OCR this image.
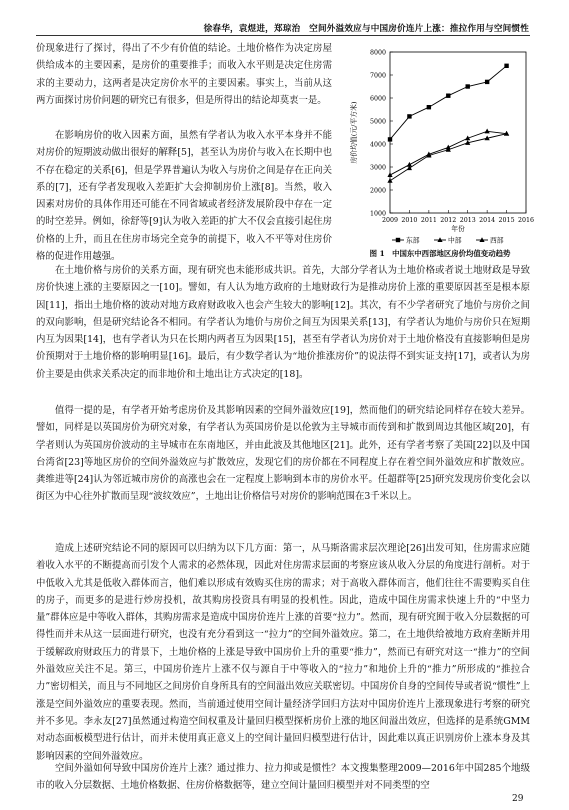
徐春华，袁煜进，郑琼治　空间外溢效应与中国房价连片上涨：推拉作用与空间惯性

价现象进行了探讨，得出了不少有价值的结论。土地价格作为决定房屋供给成本的主要因素，是房价的重要推手；而收入水平则是决定住房需求的主要动力，这两者是决定房价水平的主要因素。事实上，当前从这两方面探讨房价问题的研究已有很多，但是所得出的结论却莫衷一是。

在影响房价的收入因素方面，虽然有学者认为收入水平本身并不能对房价的短期波动做出很好的解释[5]，甚至认为房价与收入在长期中也不存在稳定的关系[6]，但是学界普遍认为收入与房价之间是存在正向关系的[7]，还有学者发现收入差距扩大会抑制房价上涨[8]。当然，收入因素对房价的具体作用还可能在不同省域或者经济发展阶段中存在一定的时空差异。例如，徐舒等[9]认为收入差距的扩大不仅会直接引起住房价格的上升，而且在住房市场完全竞争的前提下，收入不平等对住房价格的促进作用越强。

东部	中部	西部
1000
2000
3000
4000
5000
6000
7000
8000
2009 2010 2011 2012 2013 2014 2015 2016
年份
房价均值(元/平方米)
图 1　中国东中西部地区房价均值变动趋势

在土地价格与房价的关系方面，现有研究也未能形成共识。首先，大部分学者认为土地价格或者说土地财政是导致房价快速上涨的主要原因之一[10]。譬如，有人认为地方政府的土地财政行为是推动房价上涨的重要原因甚至是根本原因[11]，指出土地价格的波动对地方政府财政收入也会产生较大的影响[12]。其次，有不少学者研究了地价与房价之间的双向影响，但是研究结论各不相同。有学者认为地价与房价之间互为因果关系[13]，有学者认为地价与房价只在短期内互为因果[14]，也有学者认为只在长期内两者互为因果[15]，甚至有学者认为房价对于土地价格没有直接影响但是房价预期对于土地价格的影响明显[16]。最后，有少数学者认为“地价推涨房价”的说法得不到实证支持[17]，或者认为房价主要是由供求关系决定的而非地价和土地出让方式决定的[18]。

值得一提的是，有学者开始考虑房价及其影响因素的空间外溢效应[19]，然而他们的研究结论同样存在较大差异。譬如，同样是以英国房价为研究对象，有学者认为英国房价是以伦敦为主导城市而传到和扩散到周边其他区域[20]，有学者则认为英国房价波动的主导城市在东南地区，并由此波及其他地区[21]。此外，还有学者考察了美国[22]以及中国台湾省[23]等地区房价的空间外溢效应与扩散效应，发现它们的房价都在不同程度上存在着空间外溢效应和扩散效应。龚维进等[24]认为邻近城市房价的高涨也会在一定程度上影响到本市的房价水平。任超群等[25]研究发现房价变化会以街区为中心往外扩散而呈现“波纹效应”，土地出让价格信号对房价的影响范围在3千米以上。

造成上述研究结论不同的原因可以归纳为以下几方面：第一，从马斯洛需求层次理论[26]出发可知，住房需求应随着收入水平的不断提高而引发个人需求的必然体现，因此对住房需求层面的考察应该从收入分层的角度进行剖析。对于中低收入尤其是低收入群体而言，他们难以形成有效购买住房的需求；对于高收入群体而言，他们往往不需要购买自住的房子，而更多的是进行炒房投机，故其购房投资具有明显的投机性。因此，造成中国住房需求快速上升的“中坚力量”群体应是中等收入群体，其购房需求是造成中国房价连片上涨的首要“拉力”。然而，现有研究囿于收入分层数据的可得性而并未从这一层面进行研究，也没有充分看到这一“拉力”的空间外溢效应。第二，在土地供给被地方政府垄断并用于缓解政府财政压力的背景下，土地价格的上涨是导致中国房价上升的重要“推力”，然而已有研究对这一“推力”的空间外溢效应关注不足。第三，中国房价连片上涨不仅与源自于中等收入的“拉力”和地价上升的“推力”所形成的“推拉合力”密切相关，而且与不同地区之间房价自身所具有的空间溢出效应关联密切。中国房价自身的空间传导或者说“惯性”上涨是空间外溢效应的重要表现。然而，当前通过使用空间计量经济学回归方法对中国房价连片上涨现象进行考察的研究并不多见。李永友[27]虽然通过构造空间权重及计量回归模型探析房价上涨的地区间溢出效应，但选择的是系统GMM对动态面板模型进行估计，而并未使用真正意义上的空间计量回归模型进行估计，因此难以真正识别房价上涨本身及其影响因素的空间外溢效应。

空间外溢如何导致中国房价连片上涨？通过推力、拉力抑或是惯性？本文搜集整理2009—2016年中国285个地级市的收入分层数据、土地价格数据、住房价格数据等，建立空间计量回归模型并对不同类型的空

29
